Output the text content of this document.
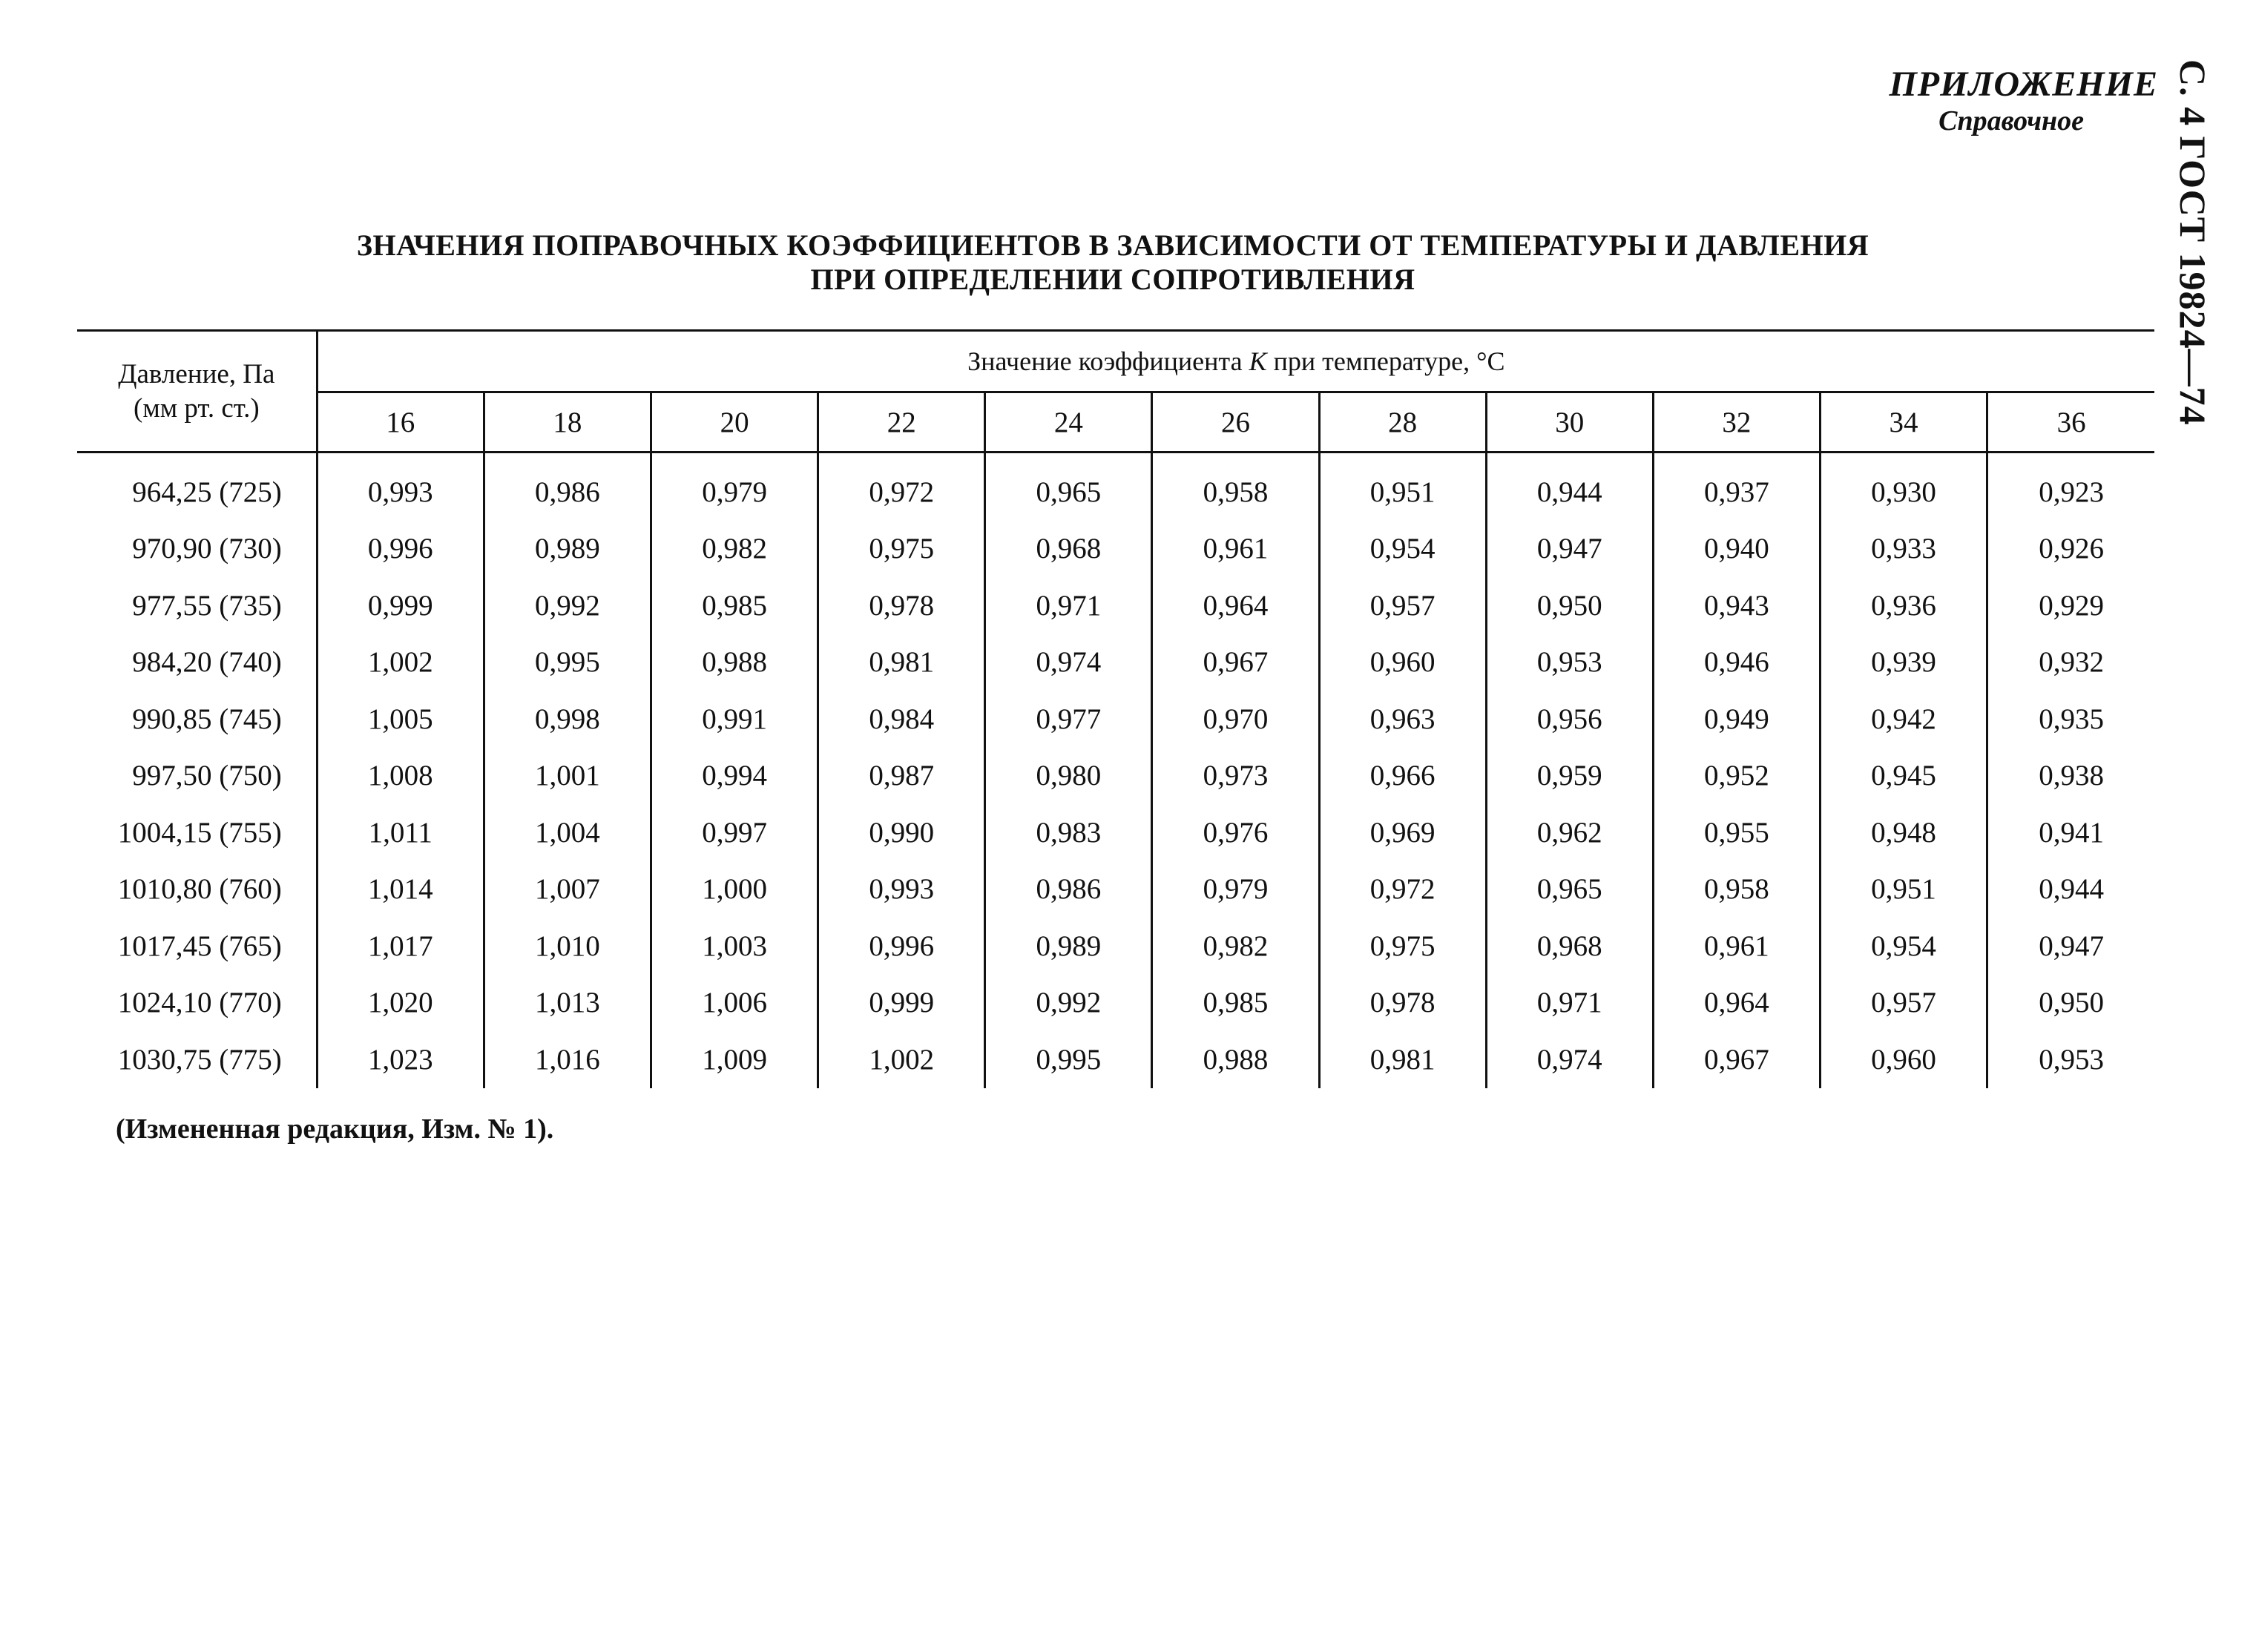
С. 4 ГОСТ 19824—74
ПРИЛОЖЕНИЕ
Справочное
ЗНАЧЕНИЯ ПОПРАВОЧНЫХ КОЭФФИЦИЕНТОВ В ЗАВИСИМОСТИ ОТ ТЕМПЕРАТУРЫ И ДАВЛЕНИЯ
ПРИ ОПРЕДЕЛЕНИИ СОПРОТИВЛЕНИЯ
Давление, Па
(мм рт. ст.)	Значение коэффициента K при температуре, °C										
	16	18	20	22	24	26	28	30	32	34	36
964,25 (725)	0,993	0,986	0,979	0,972	0,965	0,958	0,951	0,944	0,937	0,930	0,923
970,90 (730)	0,996	0,989	0,982	0,975	0,968	0,961	0,954	0,947	0,940	0,933	0,926
977,55 (735)	0,999	0,992	0,985	0,978	0,971	0,964	0,957	0,950	0,943	0,936	0,929
984,20 (740)	1,002	0,995	0,988	0,981	0,974	0,967	0,960	0,953	0,946	0,939	0,932
990,85 (745)	1,005	0,998	0,991	0,984	0,977	0,970	0,963	0,956	0,949	0,942	0,935
997,50 (750)	1,008	1,001	0,994	0,987	0,980	0,973	0,966	0,959	0,952	0,945	0,938
1004,15 (755)	1,011	1,004	0,997	0,990	0,983	0,976	0,969	0,962	0,955	0,948	0,941
1010,80 (760)	1,014	1,007	1,000	0,993	0,986	0,979	0,972	0,965	0,958	0,951	0,944
1017,45 (765)	1,017	1,010	1,003	0,996	0,989	0,982	0,975	0,968	0,961	0,954	0,947
1024,10 (770)	1,020	1,013	1,006	0,999	0,992	0,985	0,978	0,971	0,964	0,957	0,950
1030,75 (775)	1,023	1,016	1,009	1,002	0,995	0,988	0,981	0,974	0,967	0,960	0,953
(Измененная редакция, Изм. № 1).
